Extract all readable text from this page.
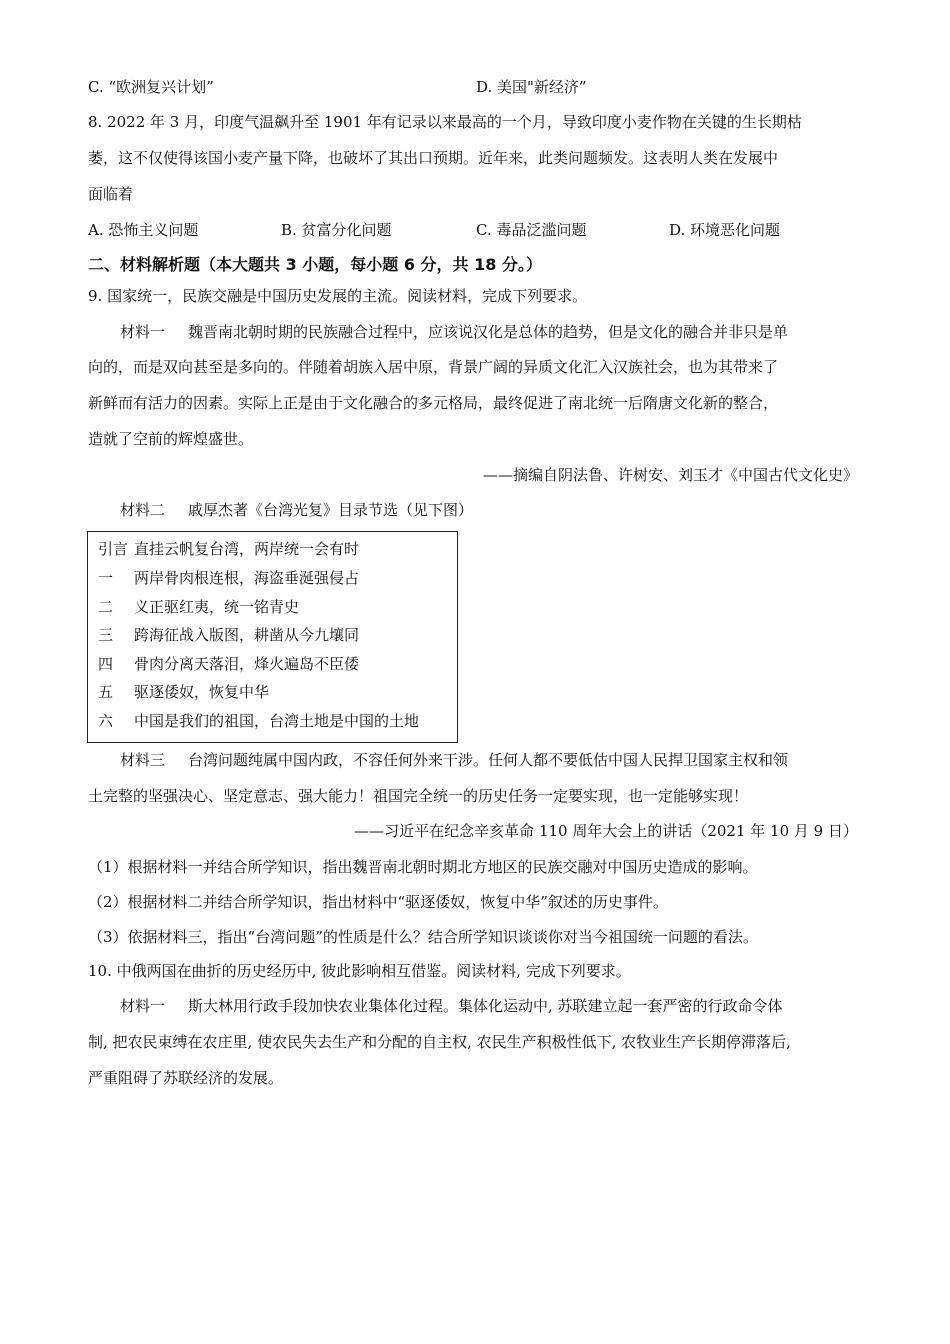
C. “欧洲复兴计划”	D. 美国"新经济”
8. 2022 年 3 月，印度气温飙升至 1901 年有记录以来最高的一个月，导致印度小麦作物在关键的生长期枯
萎，这不仅使得该国小麦产量下降，也破坏了其出口预期。近年来，此类问题频发。这表明人类在发展中
面临着
A. 恐怖主义问题	B. 贫富分化问题	C. 毒品泛滥问题	D. 环境恶化问题
二、材料解析题（本大题共 3 小题，每小题 6 分，共 18 分。）
9. 国家统一，民族交融是中国历史发展的主流。阅读材料，完成下列要求。
材料一 魏晋南北朝时期的民族融合过程中，应该说汉化是总体的趋势，但是文化的融合并非只是单
向的，而是双向甚至是多向的。伴随着胡族入居中原，背景广阔的异质文化汇入汉族社会，也为其带来了
新鲜而有活力的因素。实际上正是由于文化融合的多元格局，最终促进了南北统一后隋唐文化新的整合，
造就了空前的辉煌盛世。
——摘编自阴法鲁、许树安、刘玉才《中国古代文化史》
材料二 戚厚杰著《台湾光复》目录节选（见下图）
引言 直挂云帆复台湾，两岸统一会有时
一 两岸骨肉根连根，海盗垂涎强侵占
二 义正驱红夷，统一铭青史
三 跨海征战入版图，耕凿从今九壤同
四 骨肉分离天落泪，烽火遍岛不臣倭
五 驱逐倭奴，恢复中华
六 中国是我们的祖国，台湾土地是中国的土地
材料三 台湾问题纯属中国内政，不容任何外来干涉。任何人都不要低估中国人民捍卫国家主权和领
土完整的坚强决心、坚定意志、强大能力！祖国完全统一的历史任务一定要实现，也一定能够实现！
——习近平在纪念辛亥革命 110 周年大会上的讲话（2021 年 10 月 9 日）
（1）根据材料一并结合所学知识，指出魏晋南北朝时期北方地区的民族交融对中国历史造成的影响。
（2）根据材料二并结合所学知识，指出材料中“驱逐倭奴，恢复中华”叙述的历史事件。
（3）依据材料三，指出“台湾问题”的性质是什么？结合所学知识谈谈你对当今祖国统一问题的看法。
10. 中俄两国在曲折的历史经历中, 彼此影响相互借鉴。阅读材料, 完成下列要求。
材料一 斯大林用行政手段加快农业集体化过程。集体化运动中, 苏联建立起一套严密的行政命令体
制, 把农民束缚在农庄里, 使农民失去生产和分配的自主权, 农民生产积极性低下, 农牧业生产长期停滞落后,
严重阻碍了苏联经济的发展。
